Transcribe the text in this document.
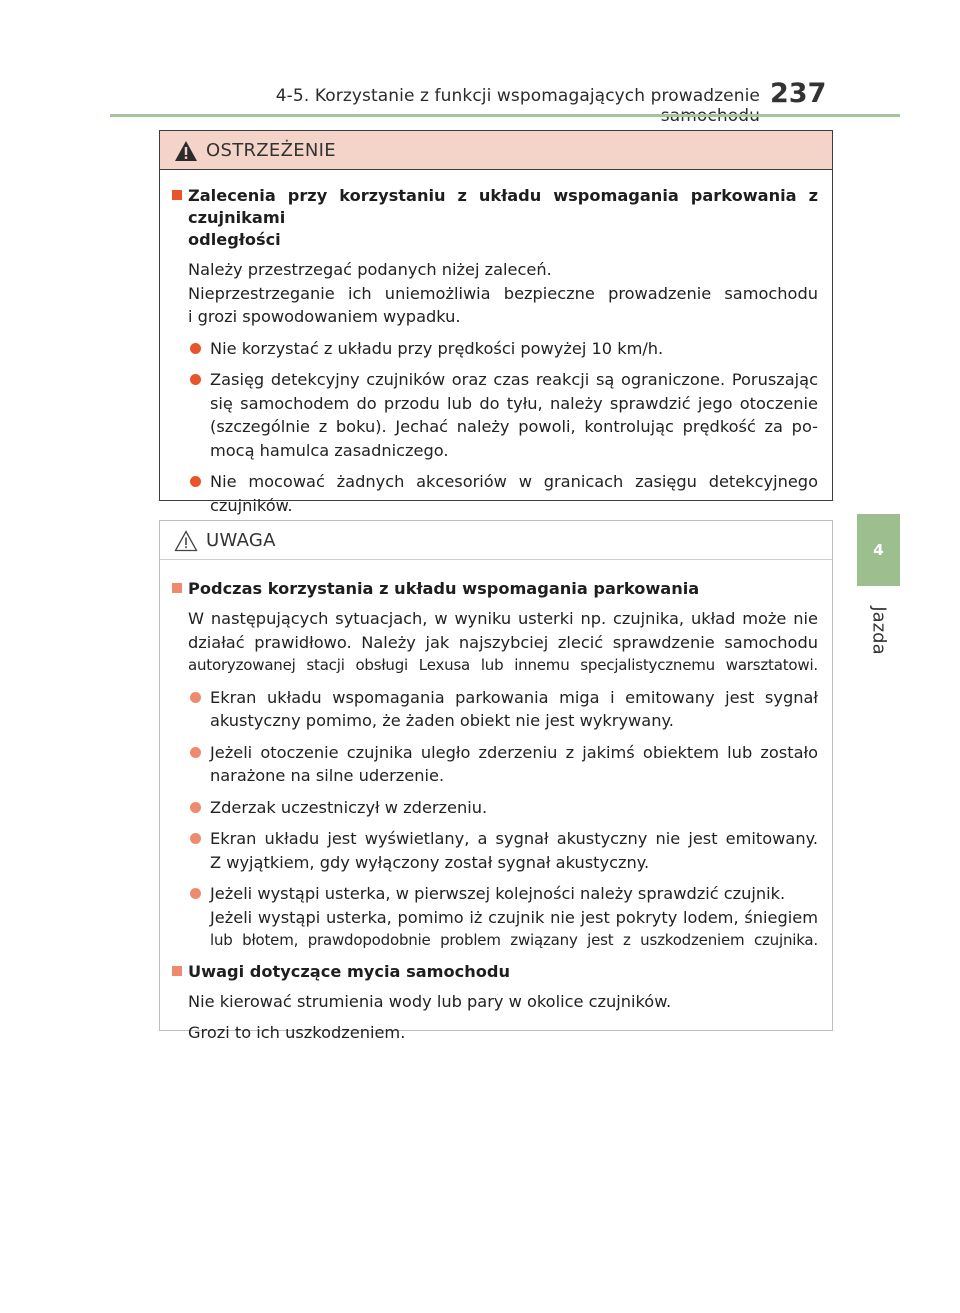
4-5. Korzystanie z funkcji wspomagających prowadzenie 237
4
Jazda
OSTRZEŻENIE
Zalecenia przy korzystaniu z układu wspomagania parkowania z czujnikami
odległości
Należy przestrzegać podanych niżej zaleceń.
Nieprzestrzeganie ich uniemożliwia bezpieczne prowadzenie samochodu
i grozi spowodowaniem wypadku.
Nie korzystać z układu przy prędkości powyżej 10 km/h.
Zasięg detekcyjny czujników oraz czas reakcji są ograniczone. Poruszając
się samochodem do przodu lub do tyłu, należy sprawdzić jego otoczenie
(szczególnie z boku). Jechać należy powoli, kontrolując prędkość za po-
mocą hamulca zasadniczego.
Nie mocować żadnych akcesoriów w granicach zasięgu detekcyjnego
czujników.
UWAGA
Podczas korzystania z układu wspomagania parkowania
W następujących sytuacjach, w wyniku usterki np. czujnika, układ może nie
działać prawidłowo. Należy jak najszybciej zlecić sprawdzenie samochodu
autoryzowanej stacji obsługi Lexusa lub innemu specjalistycznemu warsztatowi.
Ekran układu wspomagania parkowania miga i emitowany jest sygnał
akustyczny pomimo, że żaden obiekt nie jest wykrywany.
Jeżeli otoczenie czujnika uległo zderzeniu z jakimś obiektem lub zostało
narażone na silne uderzenie.
Zderzak uczestniczył w zderzeniu.
Ekran układu jest wyświetlany, a sygnał akustyczny nie jest emitowany.
Z wyjątkiem, gdy wyłączony został sygnał akustyczny.
Jeżeli wystąpi usterka, w pierwszej kolejności należy sprawdzić czujnik.
Jeżeli wystąpi usterka, pomimo iż czujnik nie jest pokryty lodem, śniegiem
lub błotem, prawdopodobnie problem związany jest z uszkodzeniem czujnika.
Uwagi dotyczące mycia samochodu
Nie kierować strumienia wody lub pary w okolice czujników.
Grozi to ich uszkodzeniem.
